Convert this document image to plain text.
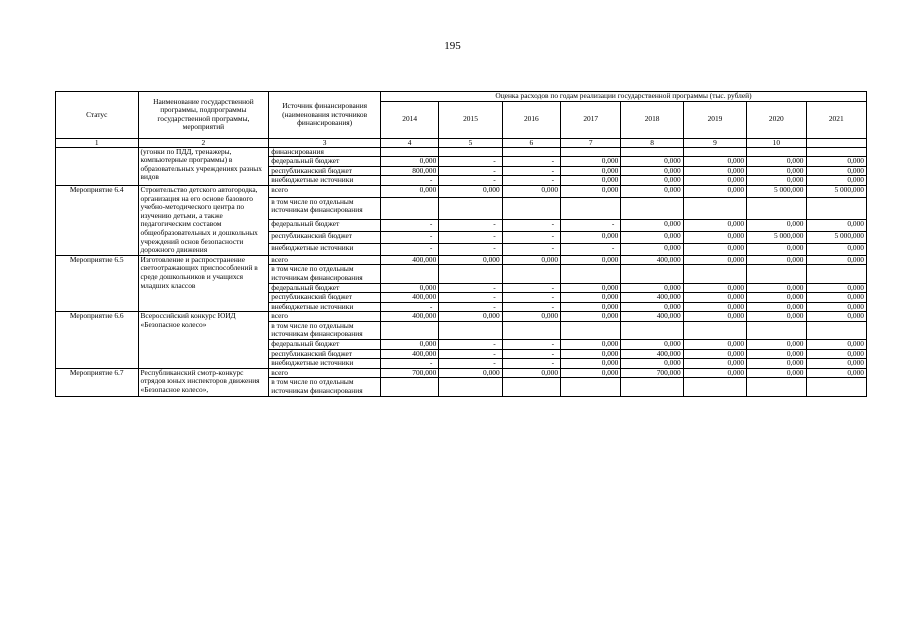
195
Статус	Наименование государственной программы, подпрограммы государственной программы, мероприятий	Источник финансирования (наименования источников финансирования)	Оценка расходов по годам реализации государственной программы (тыс. рублей)							
			2014	2015	2016	2017	2018	2019	2020	2021
1	2	3	4	5	6	7	8	9	10	
	(угонки по ПДД, тренажеры, компьютерные программы) в образовательных учреждениях разных видов	финансирования								
		федеральный бюджет	0,000	-	-	0,000	0,000	0,000	0,000	0,000
		республиканский бюджет	800,000	-	-	0,000	0,000	0,000	0,000	0,000
		внебюджетные источники	-	-	-	0,000	0,000	0,000	0,000	0,000
Мероприятие 6.4	Строительство детского автогородка, организация на его основе базового учебно-методического центра по изучению детьми, а также педагогическим составом общеобразовательных и дошкольных учреждений основ безопасности дорожного движения	всего	0,000	0,000	0,000	0,000	0,000	0,000	5 000,000	5 000,000
		в том числе по отдельным источникам финансирования								
		федеральный бюджет	-	-	-	-	0,000	0,000	0,000	0,000
		республиканский бюджет	-	-	-	0,000	0,000	0,000	5 000,000	5 000,000
		внебюджетные источники	-	-	-	-	0,000	0,000	0,000	0,000
Мероприятие 6.5	Изготовление и распространение светоотражающих приспособлений в среде дошкольников и учащихся младших классов	всего	400,000	0,000	0,000	0,000	400,000	0,000	0,000	0,000
		в том числе по отдельным источникам финансирования								
		федеральный бюджет	0,000	-	-	0,000	0,000	0,000	0,000	0,000
		республиканский бюджет	400,000	-	-	0,000	400,000	0,000	0,000	0,000
		внебюджетные источники	-	-	-	0,000	0,000	0,000	0,000	0,000
Мероприятие 6.6	Всероссийский конкурс ЮИД «Безопасное колесо»	всего	400,000	0,000	0,000	0,000	400,000	0,000	0,000	0,000
		в том числе по отдельным источникам финансирования								
		федеральный бюджет	0,000	-	-	0,000	0,000	0,000	0,000	0,000
		республиканский бюджет	400,000	-	-	0,000	400,000	0,000	0,000	0,000
		внебюджетные источники	-	-	-	0,000	0,000	0,000	0,000	0,000
Мероприятие 6.7	Республиканский смотр-конкурс отрядов юных инспекторов движения «Безопасное колесо»,	всего	700,000	0,000	0,000	0,000	700,000	0,000	0,000	0,000
		в том числе по отдельным источникам финансирования								
